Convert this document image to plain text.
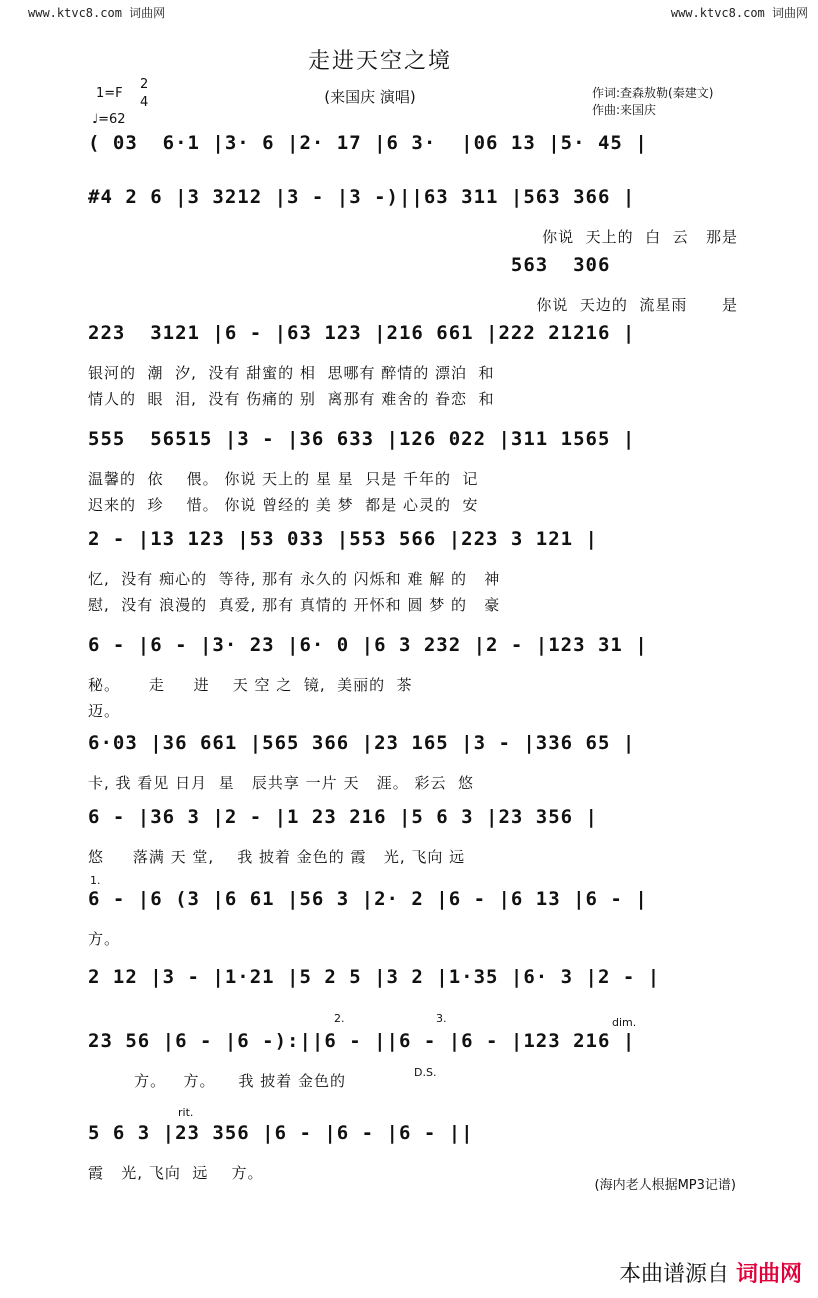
www.ktvc8.com 词曲网	www.ktvc8.com 词曲网
走进天空之境
(来国庆 演唱)
1=F
2
4
♩=62
作词:查森敖勒(秦建文)
作曲:来国庆
( 03  6·1 |3· 6 |2· 17 |6 3·  |06 13 |5· 45 |
#4 2 6 |3 3212 |3 - |3 -)||63 311 |563 366 |
你说  天上的  白  云   那是
563  306
你说  天边的  流星雨      是
223  3121 |6 - |63 123 |216 661 |222 21216 |
银河的  潮  汐,  没有 甜蜜的 相  思哪有 醉情的 漂泊  和
情人的  眼  泪,  没有 伤痛的 别  离那有 难舍的 眷恋  和
555  56515 |3 - |36 633 |126 022 |311 1565 |
温馨的  依    偎。 你说 天上的 星 星  只是 千年的  记
迟来的  珍    惜。 你说 曾经的 美 梦  都是 心灵的  安
2 - |13 123 |53 033 |553 566 |223 3 121 |
忆,  没有 痴心的  等待, 那有 永久的 闪烁和 难 解 的   神
慰,  没有 浪漫的  真爱, 那有 真情的 开怀和 圆 梦 的   豪
6 - |6 - |3· 23 |6· 0 |6 3 232 |2 - |123 31 |
秘。     走     进    天 空 之  镜,  美丽的  茶
迈。
6·03 |36 661 |565 366 |23 165 |3 - |336 65 |
卡, 我 看见 日月  星   辰共享 一片 天   涯。 彩云  悠
6 - |36 3 |2 - |1 23 216 |5 6 3 |23 356 |
悠     落满 天 堂,    我 披着 金色的 霞   光, 飞向 远
6 - |6 (3 |6 61 |56 3 |2· 2 |6 - |6 13 |6 - |
方。
2 12 |3 - |1·21 |5 2 5 |3 2 |1·35 |6· 3 |2 - |
23 56 |6 - |6 -):||6 - ||6 - |6 - |123 216 |
方。   方。    我 披着 金色的
5 6 3 |23 356 |6 - |6 - |6 - ||
霞   光, 飞向  远    方。
D.S.
dim.
rit.
1.
2.	3.
(海内老人根据MP3记谱)
本曲谱源自 词曲网
